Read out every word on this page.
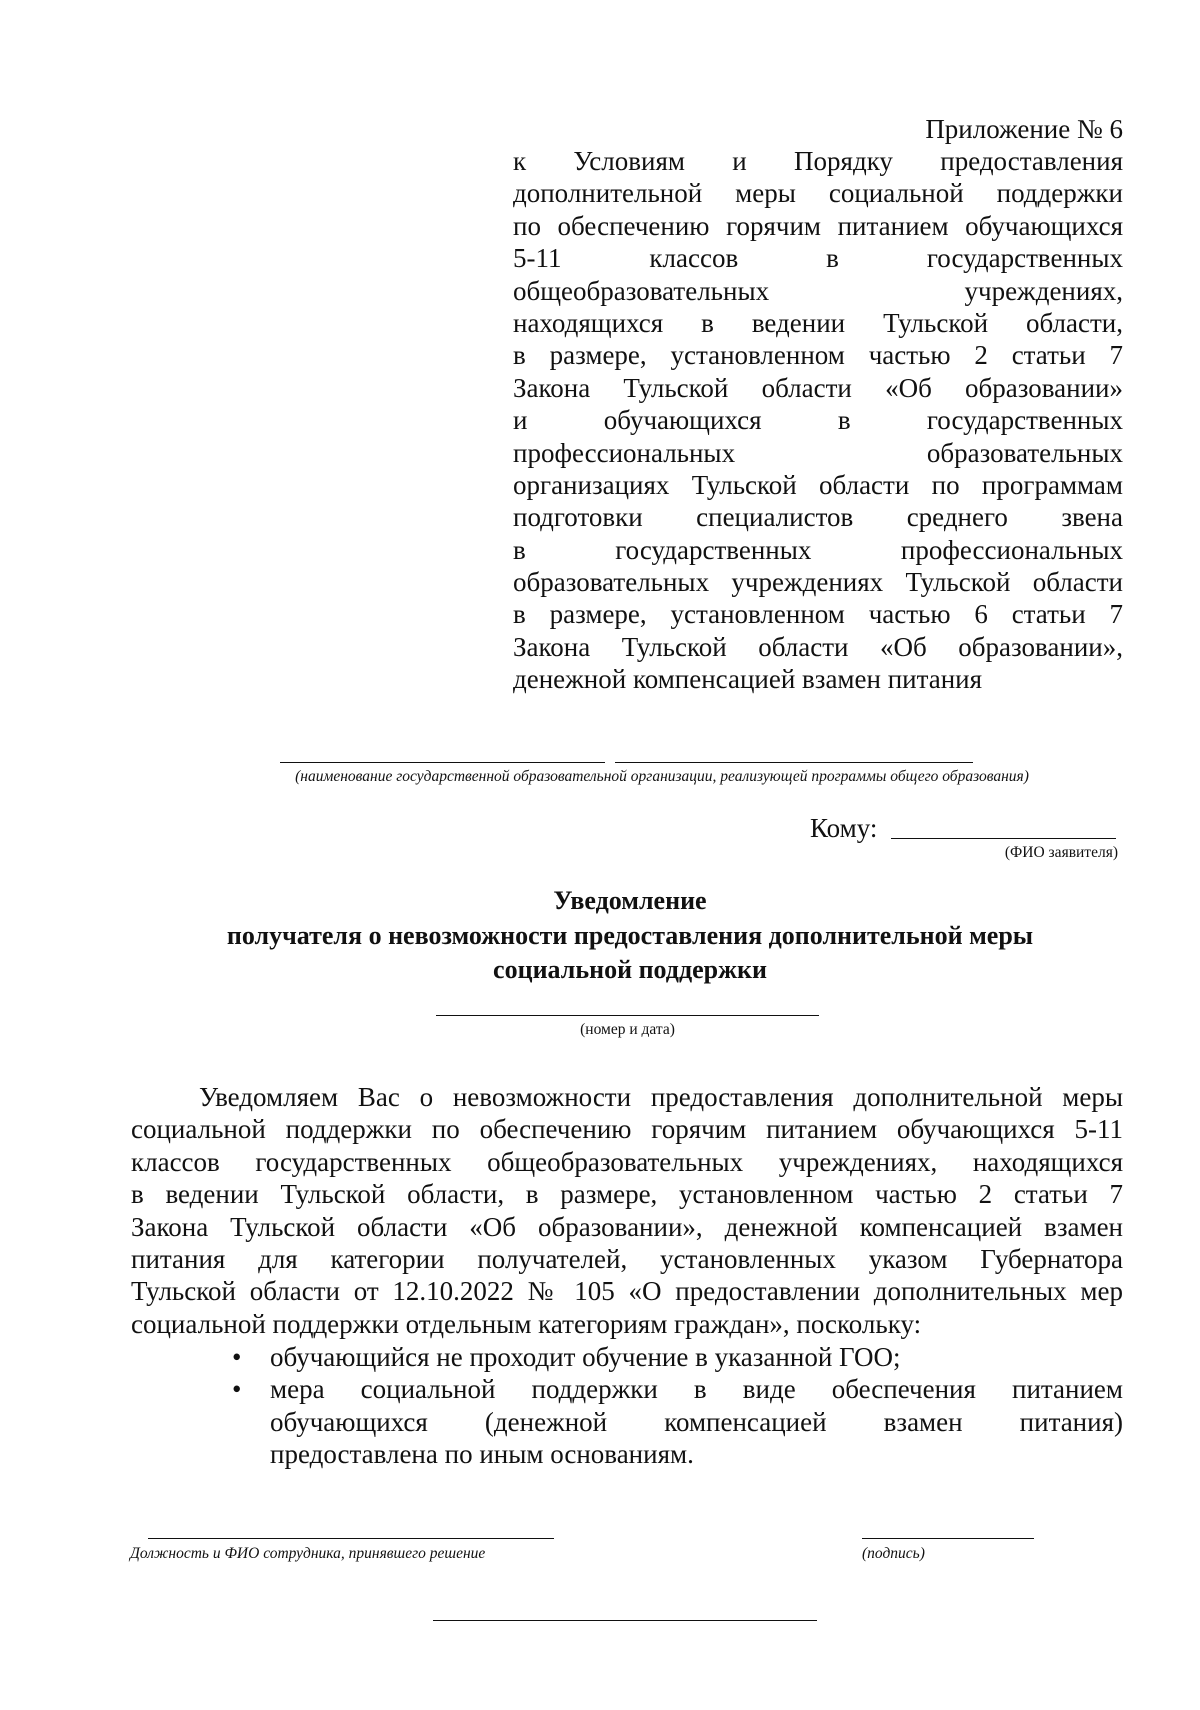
Приложение № 6
к Условиям и Порядку предоставления
дополнительной меры социальной поддержки
по обеспечению горячим питанием обучающихся
5-11 классов в государственных
общеобразовательных учреждениях,
находящихся в ведении Тульской области,
в размере, установленном частью 2 статьи 7
Закона Тульской области «Об образовании»
и обучающихся в государственных
профессиональных образовательных
организациях Тульской области по программам
подготовки специалистов среднего звена
в государственных профессиональных
образовательных учреждениях Тульской области
в размере, установленном частью 6 статьи 7
Закона Тульской области «Об образовании»,
денежной компенсацией взамен питания
(наименование государственной образовательной организации, реализующей программы общего образования)
Кому:
(ФИО заявителя)
Уведомление
получателя о невозможности предоставления дополнительной меры
социальной поддержки
(номер и дата)
Уведомляем Вас о невозможности предоставления дополнительной меры
социальной поддержки по обеспечению горячим питанием обучающихся 5-11
классов государственных общеобразовательных учреждениях, находящихся
в ведении Тульской области, в размере, установленном частью 2 статьи 7
Закона Тульской области «Об образовании», денежной компенсацией взамен
питания для категории получателей, установленных указом Губернатора
Тульской области от 12.10.2022 № 105 «О предоставлении дополнительных мер
социальной поддержки отдельным категориям граждан», поскольку:
• обучающийся не проходит обучение в указанной ГОО;
• мера социальной поддержки в виде обеспечения питанием
обучающихся (денежной компенсацией взамен питания)
предоставлена по иным основаниям.
Должность и ФИО сотрудника, принявшего решение	(подпись)
